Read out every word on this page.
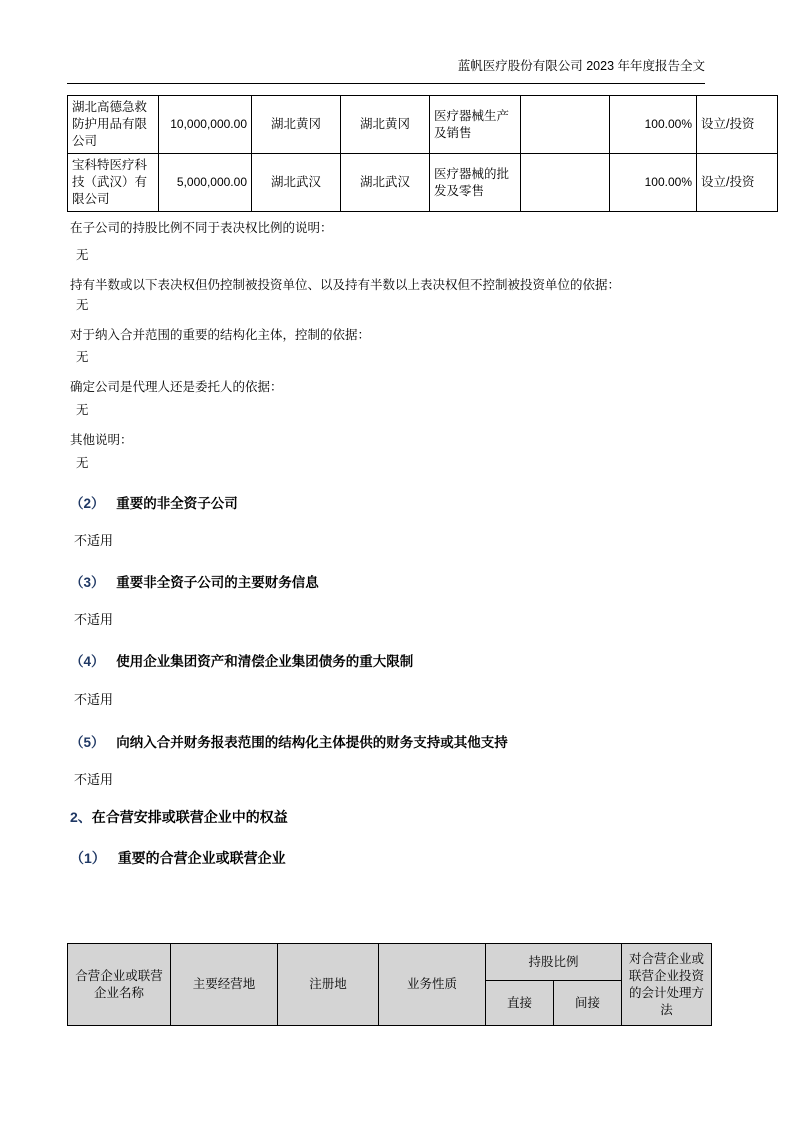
蓝帆医疗股份有限公司 2023 年年度报告全文
湖北高德急救防护用品有限公司	10,000,000.00	湖北黄冈	湖北黄冈	医疗器械生产及销售		100.00%	设立/投资
宝科特医疗科技（武汉）有限公司	5,000,000.00	湖北武汉	湖北武汉	医疗器械的批发及零售		100.00%	设立/投资
在子公司的持股比例不同于表决权比例的说明：
无
持有半数或以下表决权但仍控制被投资单位、以及持有半数以上表决权但不控制被投资单位的依据：
无
对于纳入合并范围的重要的结构化主体，控制的依据：
无
确定公司是代理人还是委托人的依据：
无
其他说明：
无
（2） 重要的非全资子公司
不适用
（3） 重要非全资子公司的主要财务信息
不适用
（4） 使用企业集团资产和清偿企业集团债务的重大限制
不适用
（5） 向纳入合并财务报表范围的结构化主体提供的财务支持或其他支持
不适用
2、在合营安排或联营企业中的权益
（1） 重要的合营企业或联营企业
合营企业或联营企业名称	主要经营地	注册地	业务性质	持股比例		对合营企业或联营企业投资的会计处理方法
				直接	间接	
